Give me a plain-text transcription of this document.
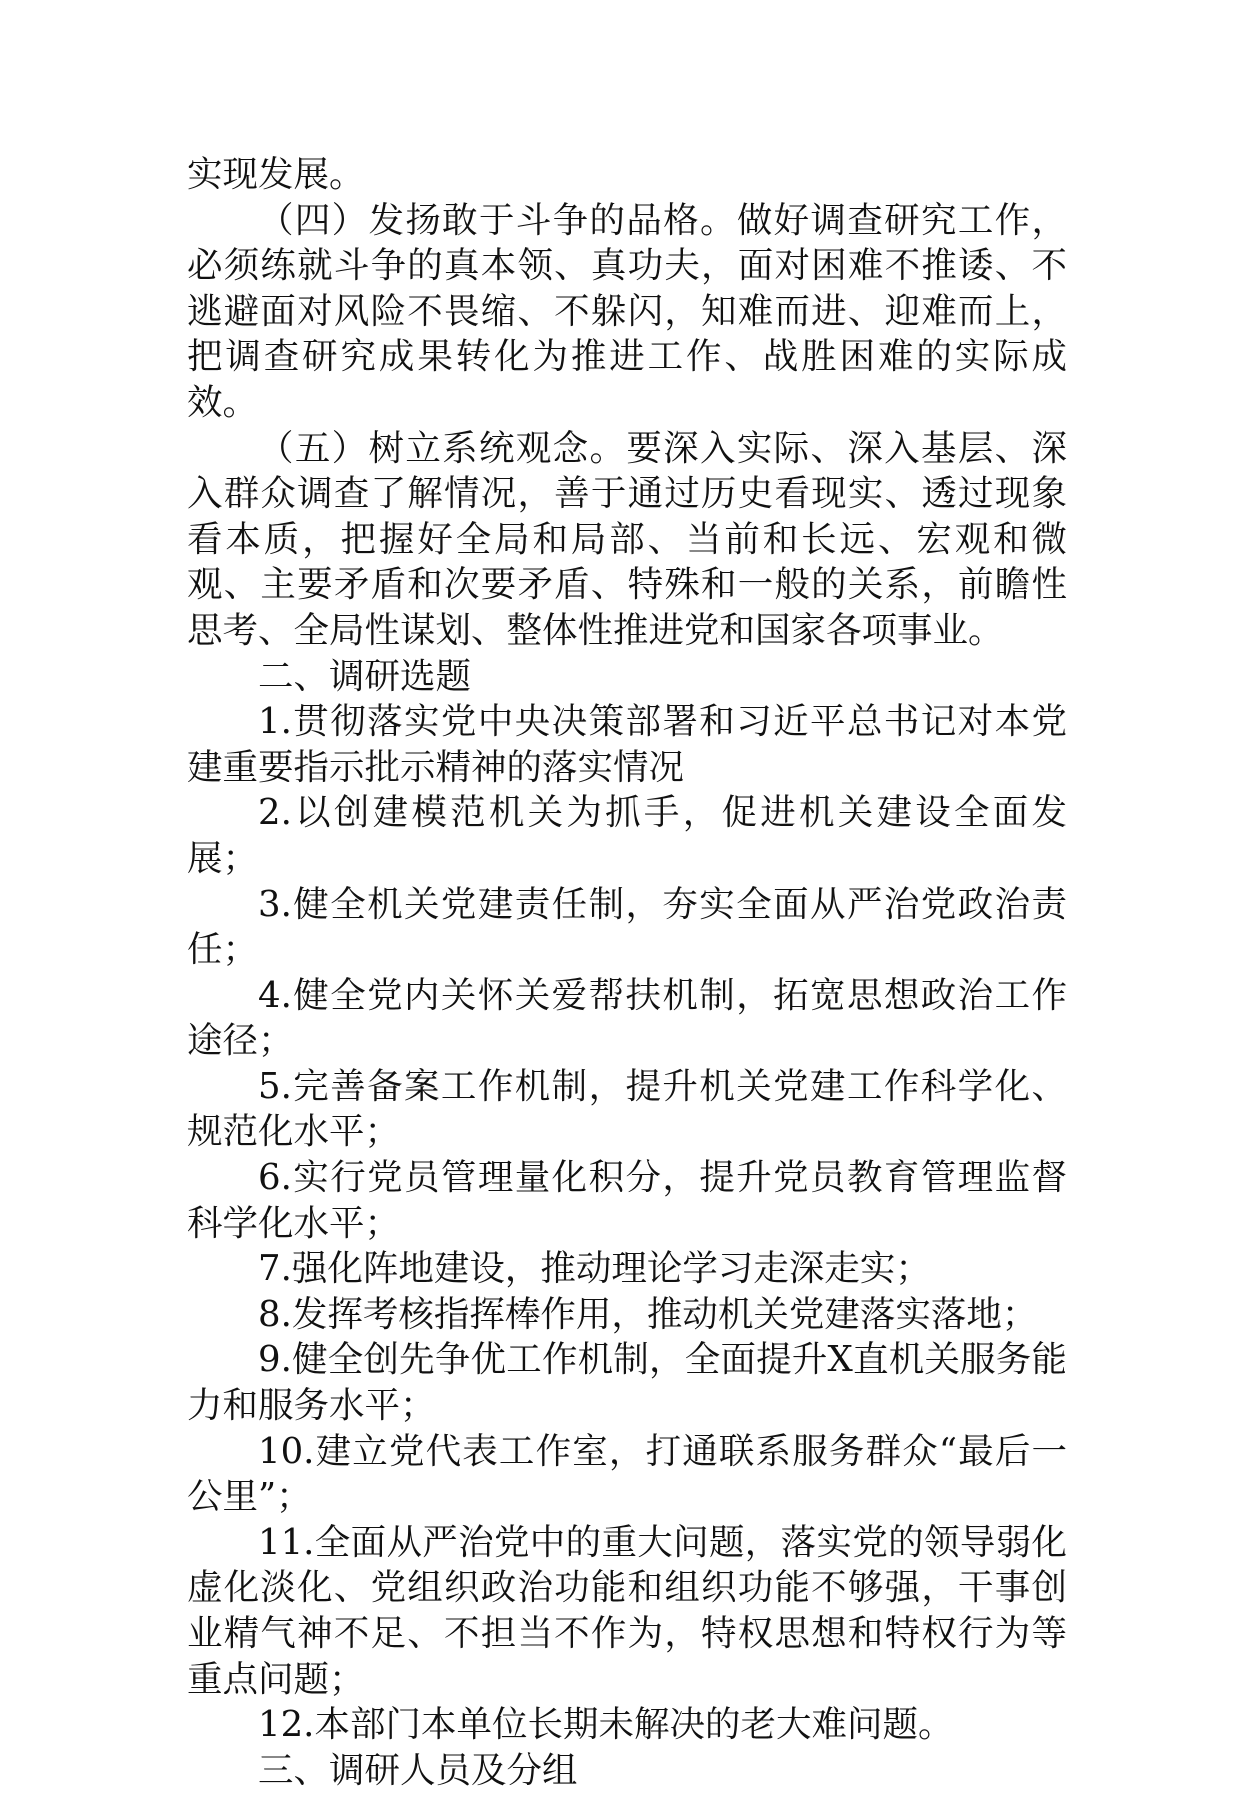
实现发展。

（四）发扬敢于斗争的品格。做好调查研究工作，必须练就斗争的真本领、真功夫，面对困难不推诿、不逃避面对风险不畏缩、不躲闪，知难而进、迎难而上，把调查研究成果转化为推进工作、战胜困难的实际成效。

（五）树立系统观念。要深入实际、深入基层、深入群众调查了解情况，善于通过历史看现实、透过现象看本质，把握好全局和局部、当前和长远、宏观和微观、主要矛盾和次要矛盾、特殊和一般的关系，前瞻性思考、全局性谋划、整体性推进党和国家各项事业。

二、调研选题

1.贯彻落实党中央决策部署和习近平总书记对本党建重要指示批示精神的落实情况

2.以创建模范机关为抓手，促进机关建设全面发展；

3.健全机关党建责任制，夯实全面从严治党政治责任；

4.健全党内关怀关爱帮扶机制，拓宽思想政治工作途径；

5.完善备案工作机制，提升机关党建工作科学化、规范化水平；

6.实行党员管理量化积分，提升党员教育管理监督科学化水平；

7.强化阵地建设，推动理论学习走深走实；

8.发挥考核指挥棒作用，推动机关党建落实落地；

9.健全创先争优工作机制，全面提升X直机关服务能力和服务水平；

10.建立党代表工作室，打通联系服务群众“最后一公里”；

11.全面从严治党中的重大问题，落实党的领导弱化虚化淡化、党组织政治功能和组织功能不够强，干事创业精气神不足、不担当不作为，特权思想和特权行为等重点问题；

12.本部门本单位长期未解决的老大难问题。

三、调研人员及分组
